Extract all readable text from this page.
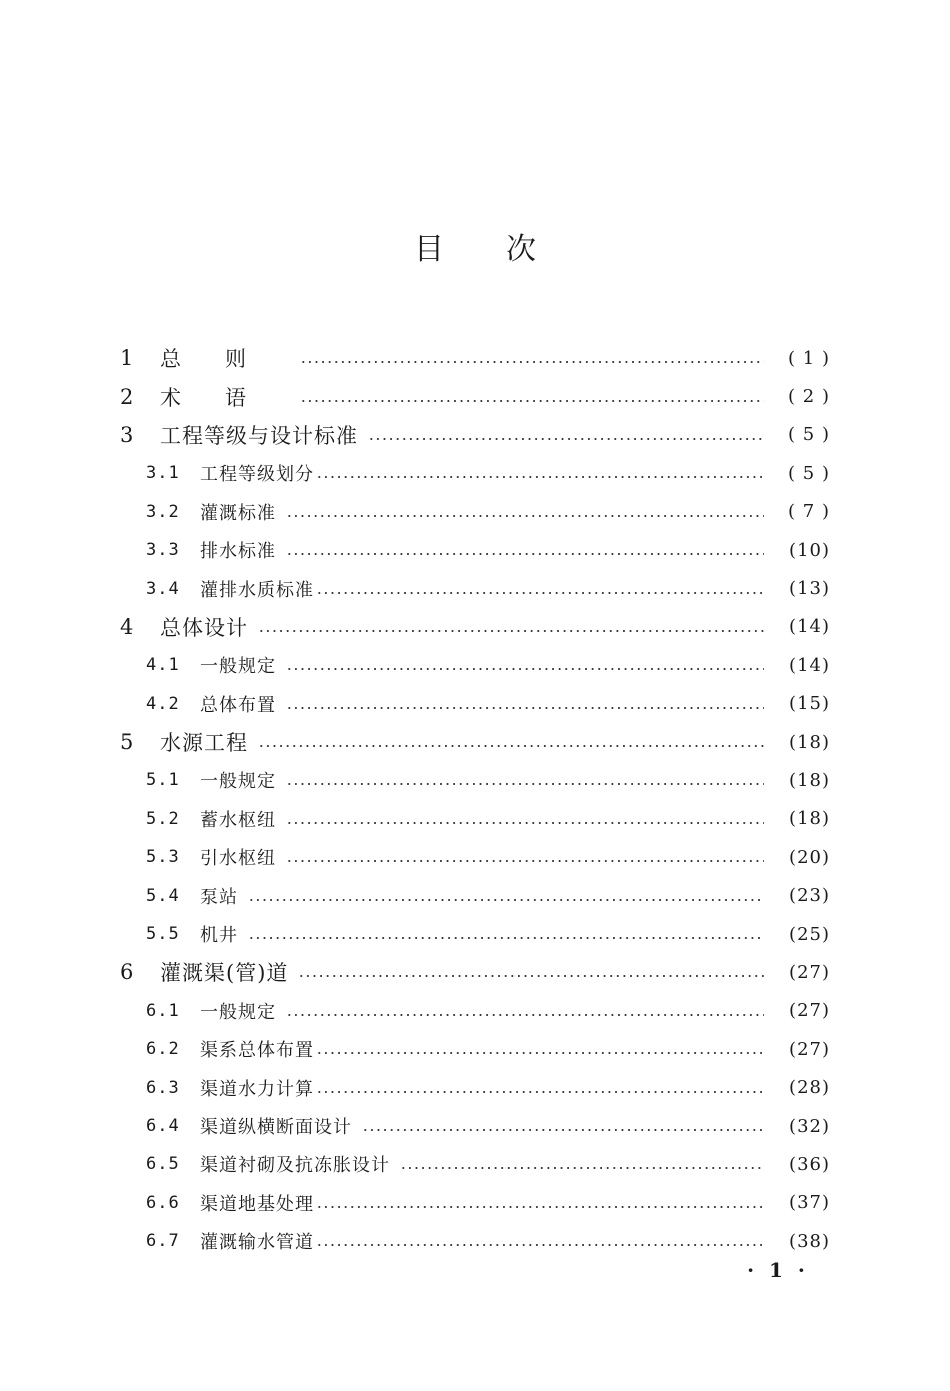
目次
1	总则	( 1 )
2	术语	( 2 )
3	工程等级与设计标准	( 5 )
3.1	工程等级划分	( 5 )
3.2	灌溉标准	( 7 )
3.3	排水标准	(10)
3.4	灌排水质标准	(13)
4	总体设计	(14)
4.1	一般规定	(14)
4.2	总体布置	(15)
5	水源工程	(18)
5.1	一般规定	(18)
5.2	蓄水枢纽	(18)
5.3	引水枢纽	(20)
5.4	泵站	(23)
5.5	机井	(25)
6	灌溉渠(管)道	(27)
6.1	一般规定	(27)
6.2	渠系总体布置	(27)
6.3	渠道水力计算	(28)
6.4	渠道纵横断面设计	(32)
6.5	渠道衬砌及抗冻胀设计	(36)
6.6	渠道地基处理	(37)
6.7	灌溉输水管道	(38)
· 1 ·
